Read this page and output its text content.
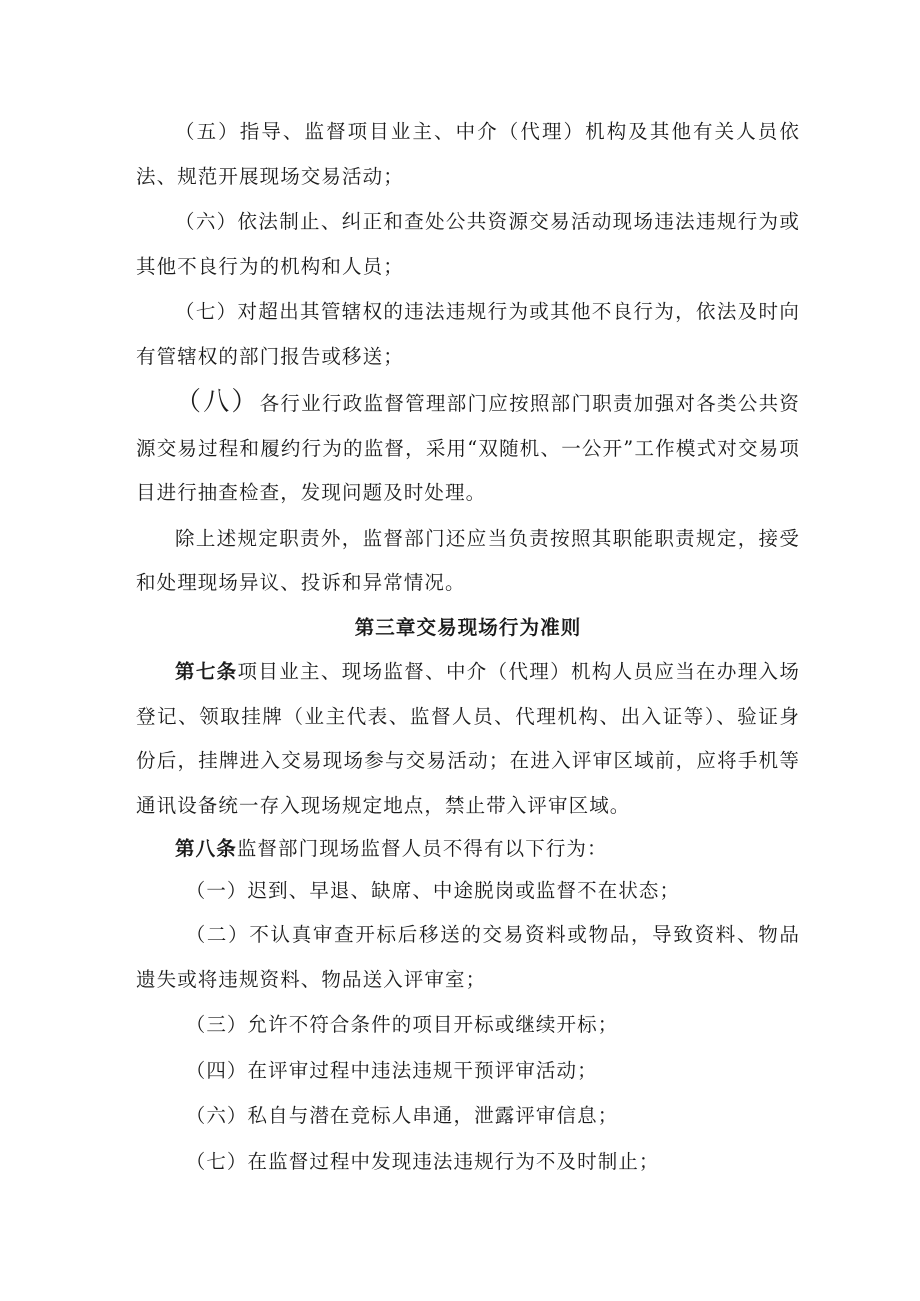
（五）指导、监督项目业主、中介（代理）机构及其他有关人员依法、规范开展现场交易活动；

（六）依法制止、纠正和查处公共资源交易活动现场违法违规行为或其他不良行为的机构和人员；

（七）对超出其管辖权的违法违规行为或其他不良行为，依法及时向有管辖权的部门报告或移送；

（八）各行业行政监督管理部门应按照部门职责加强对各类公共资源交易过程和履约行为的监督，采用“双随机、一公开”工作模式对交易项目进行抽查检查，发现问题及时处理。

除上述规定职责外，监督部门还应当负责按照其职能职责规定，接受和处理现场异议、投诉和异常情况。

第三章交易现场行为准则

第七条项目业主、现场监督、中介（代理）机构人员应当在办理入场登记、领取挂牌（业主代表、监督人员、代理机构、出入证等）、验证身份后，挂牌进入交易现场参与交易活动；在进入评审区域前，应将手机等通讯设备统一存入现场规定地点，禁止带入评审区域。

第八条监督部门现场监督人员不得有以下行为：

（一）迟到、早退、缺席、中途脱岗或监督不在状态；

（二）不认真审查开标后移送的交易资料或物品，导致资料、物品遗失或将违规资料、物品送入评审室；

（三）允许不符合条件的项目开标或继续开标；

（四）在评审过程中违法违规干预评审活动；

（六）私自与潜在竞标人串通，泄露评审信息；

（七）在监督过程中发现违法违规行为不及时制止；
